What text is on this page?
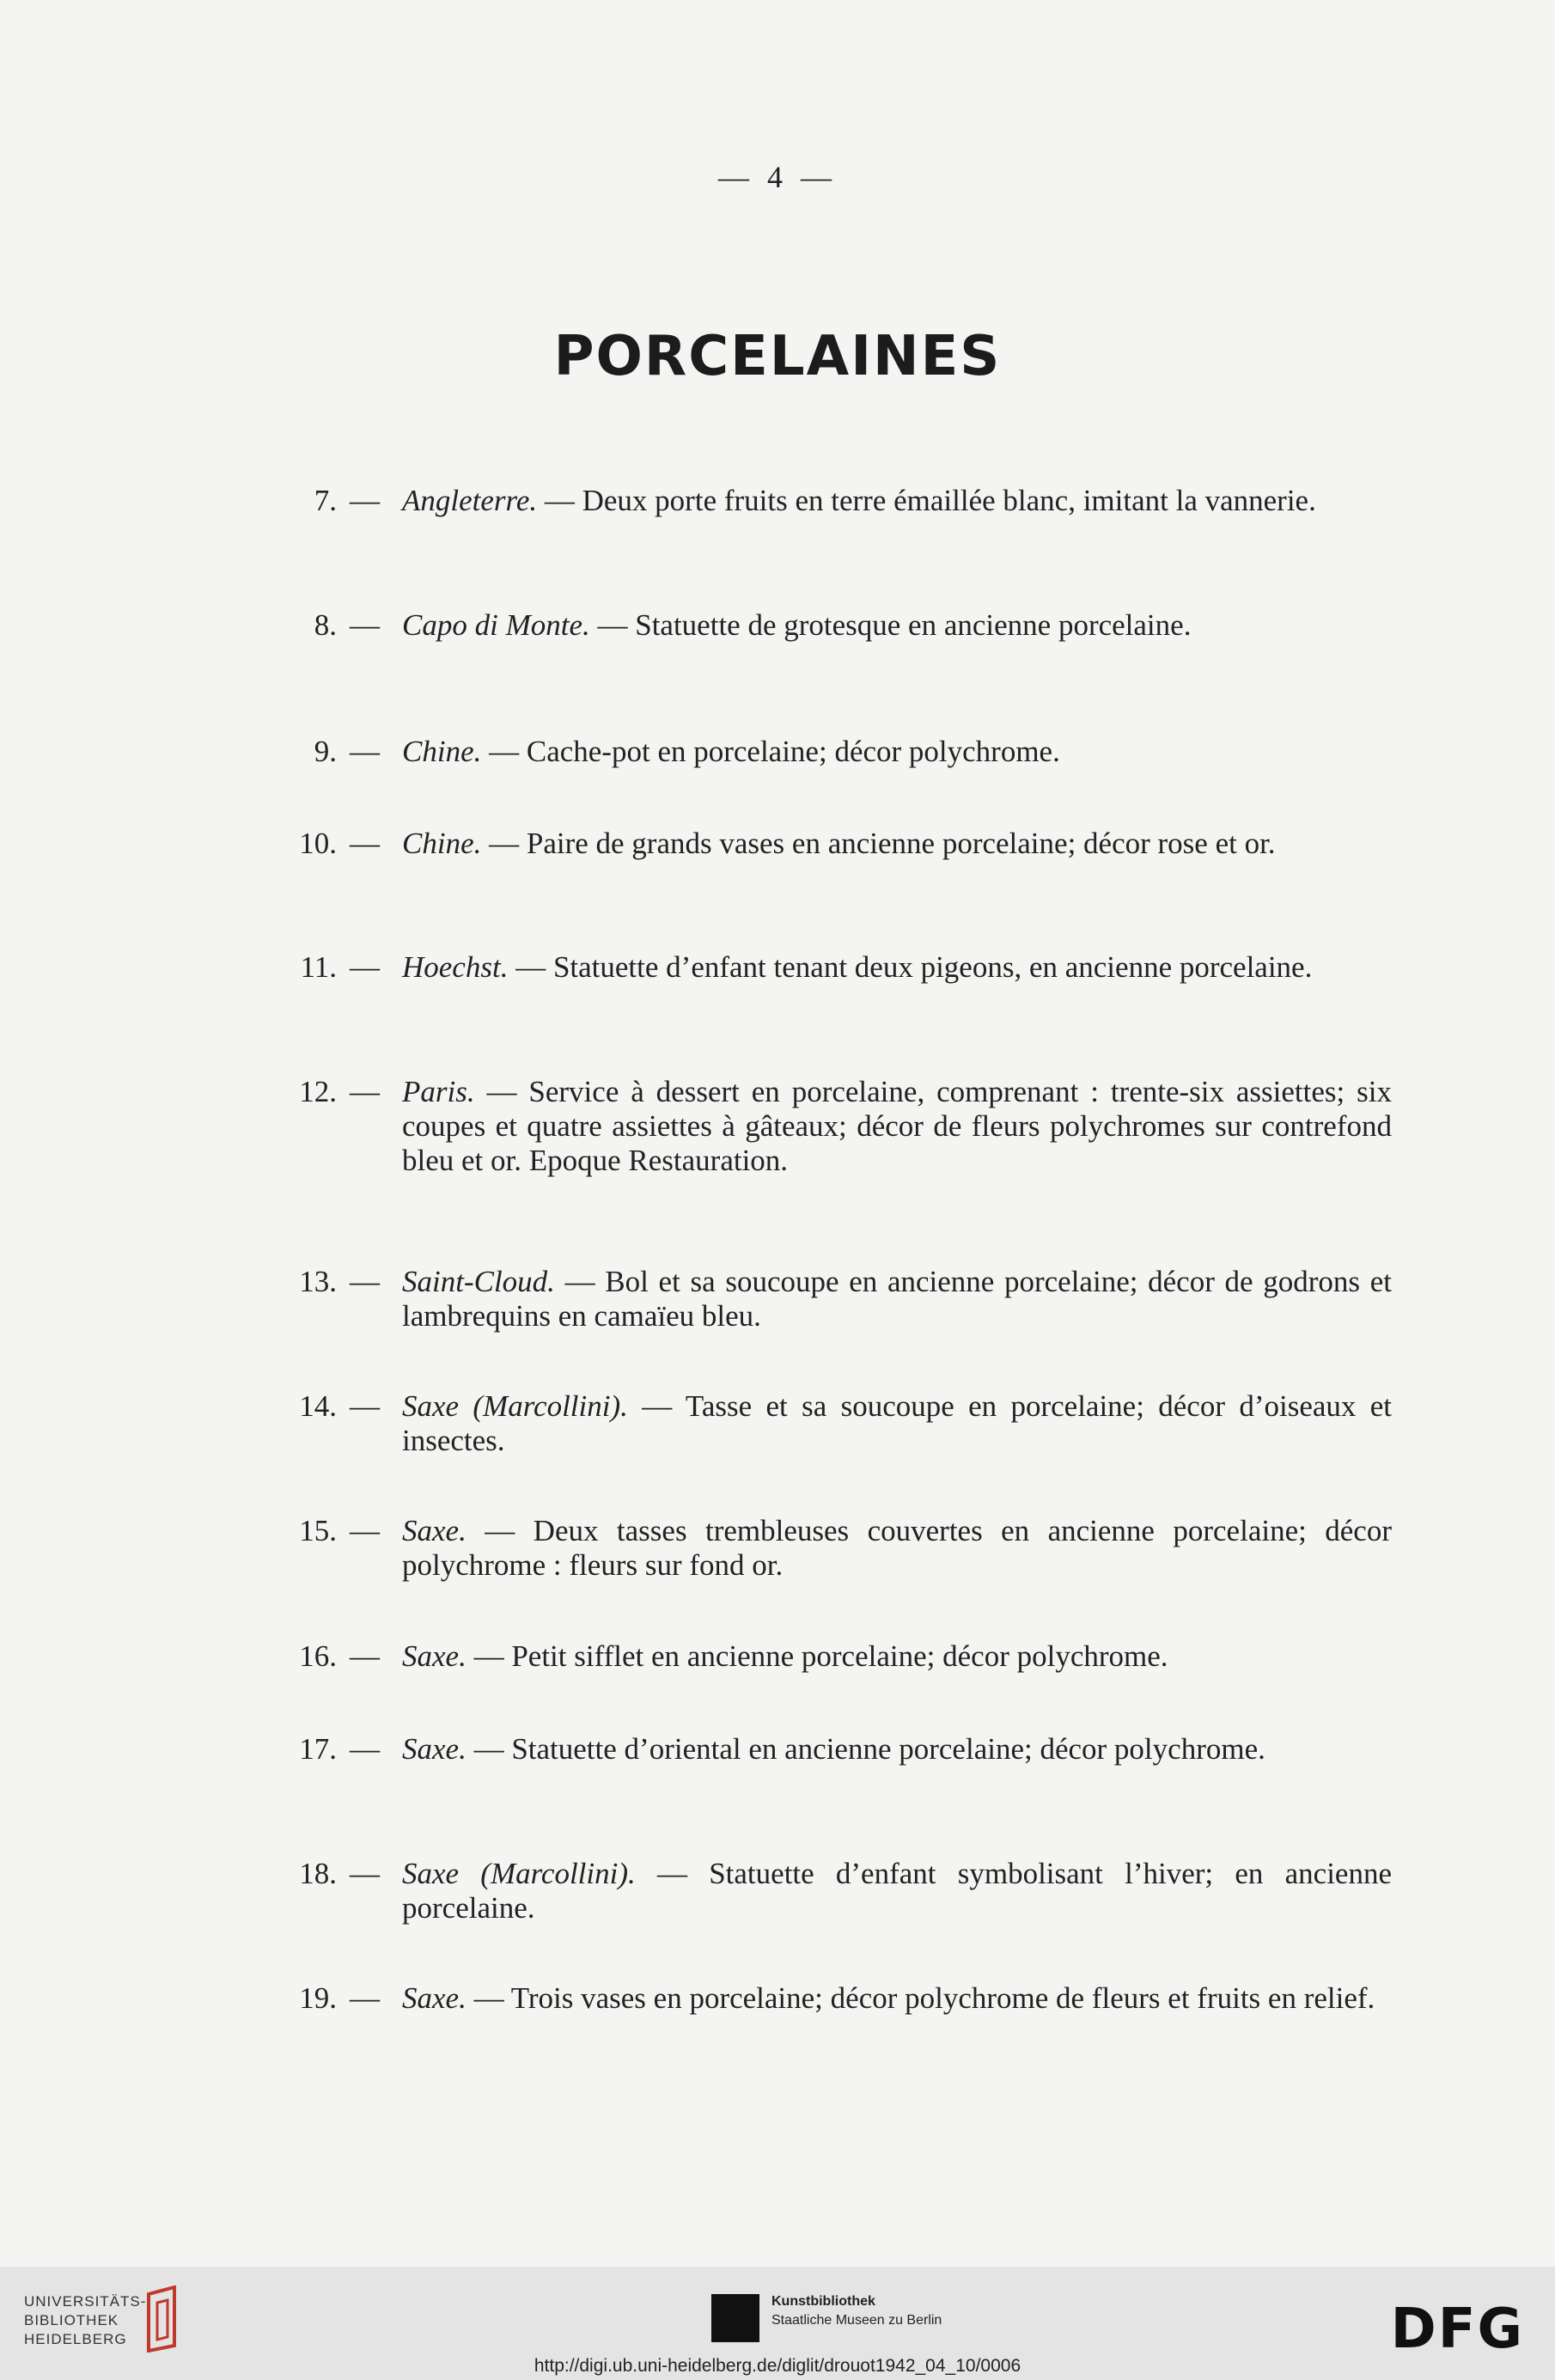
— 4 —
PORCELAINES
7. — Angleterre. — Deux porte fruits en terre émaillée blanc, imitant la vannerie.
8. — Capo di Monte. — Statuette de grotesque en ancienne porcelaine.
9. — Chine. — Cache-pot en porcelaine; décor polychrome.
10. — Chine. — Paire de grands vases en ancienne porcelaine; décor rose et or.
11. — Hoechst. — Statuette d’enfant tenant deux pigeons, en ancienne porcelaine.
12. — Paris. — Service à dessert en porcelaine, comprenant : trente-six assiettes; six coupes et quatre assiettes à gâteaux; décor de fleurs polychromes sur contrefond bleu et or. Epoque Restauration.
13. — Saint-Cloud. — Bol et sa soucoupe en ancienne porcelaine; décor de godrons et lambrequins en camaïeu bleu.
14. — Saxe (Marcollini). — Tasse et sa soucoupe en porcelaine; décor d’oiseaux et insectes.
15. — Saxe. — Deux tasses trembleuses couvertes en ancienne porcelaine; décor polychrome : fleurs sur fond or.
16. — Saxe. — Petit sifflet en ancienne porcelaine; décor polychrome.
17. — Saxe. — Statuette d’oriental en ancienne porcelaine; décor polychrome.
18. — Saxe (Marcollini). — Statuette d’enfant symbolisant l’hiver; en ancienne porcelaine.
19. — Saxe. — Trois vases en porcelaine; décor polychrome de fleurs et fruits en relief.
UNIVERSITÄTS-
BIBLIOTHEK
HEIDELBERG
Kunstbibliothek
Staatliche Museen zu Berlin	DFG
http://digi.ub.uni-heidelberg.de/diglit/drouot1942_04_10/0006
